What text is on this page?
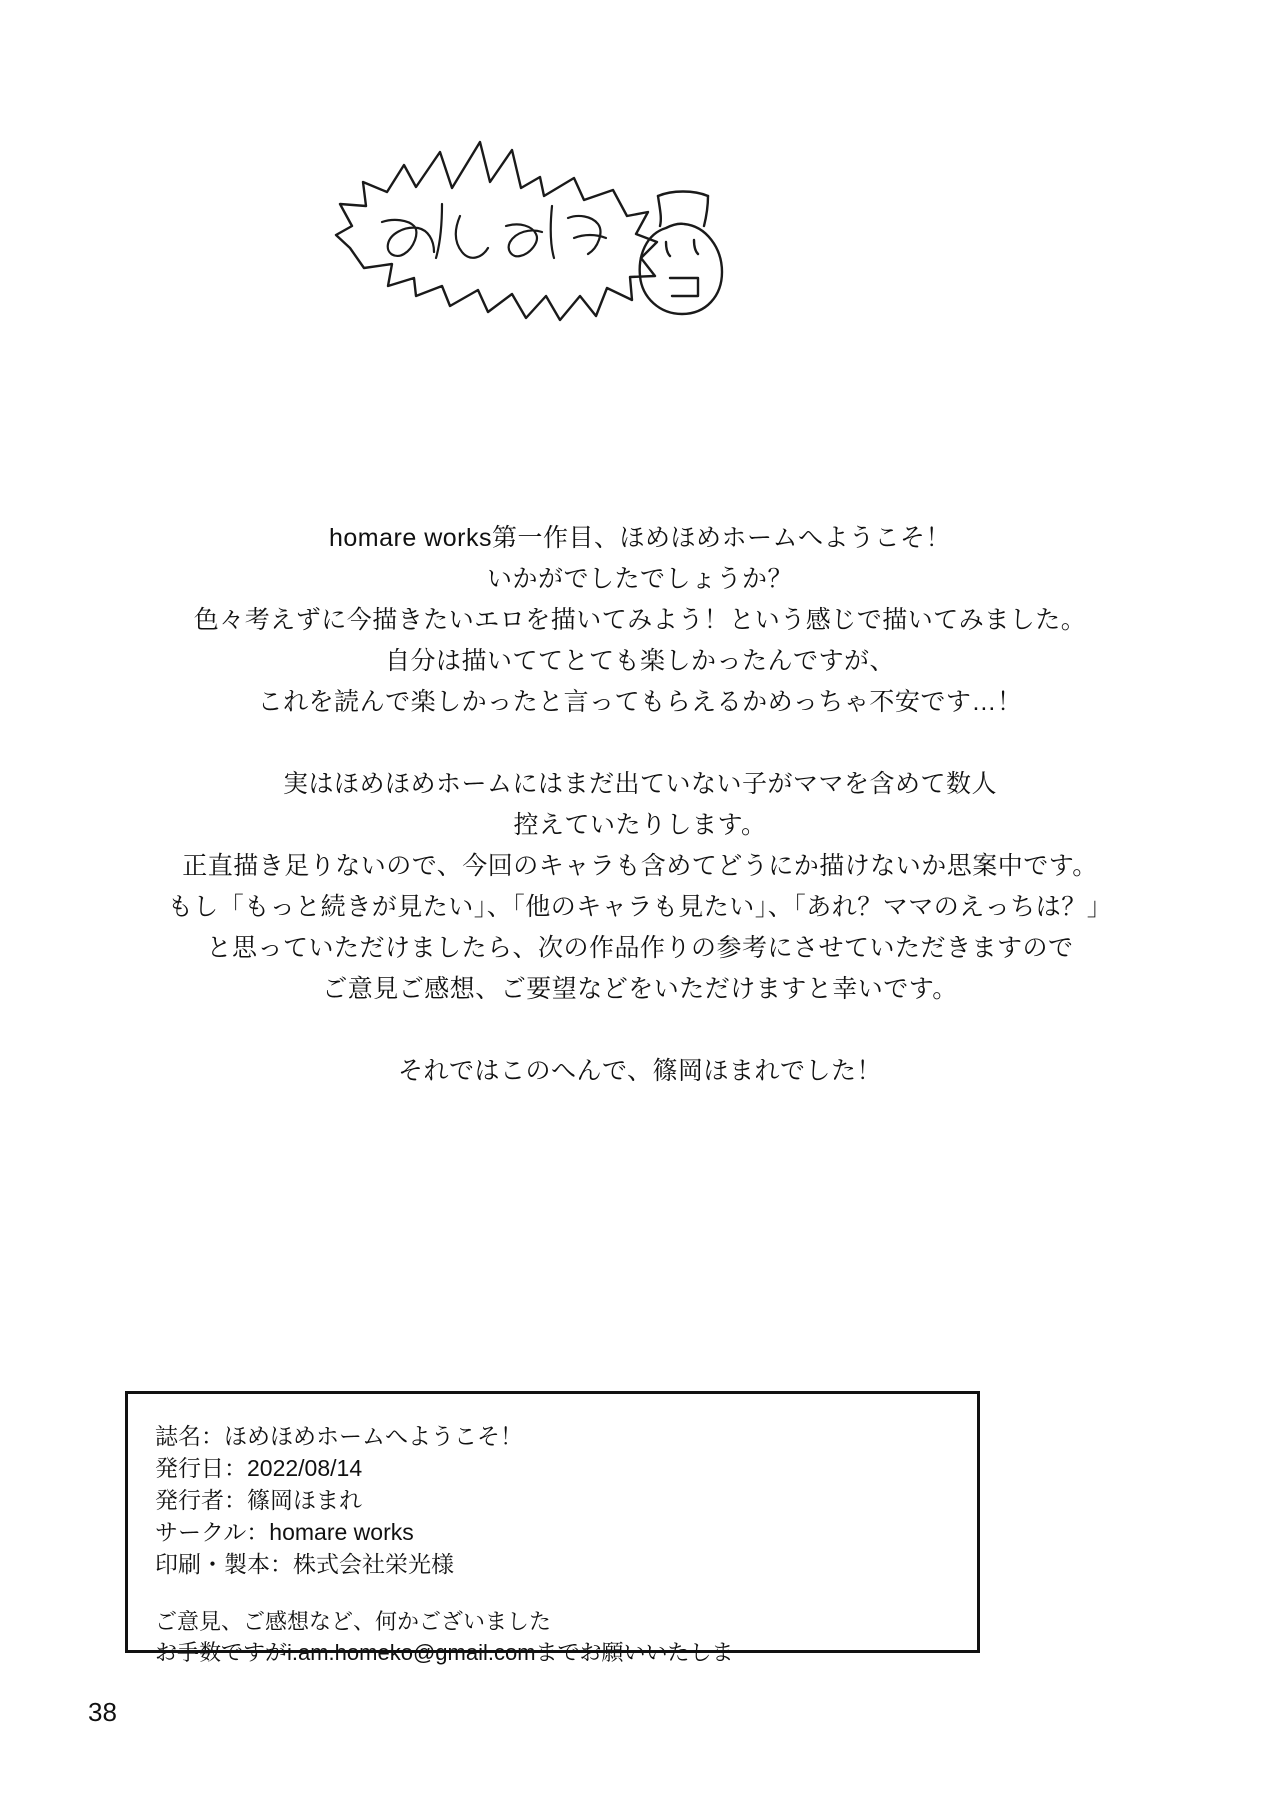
homare works第一作目、ほめほめホームへようこそ！
いかがでしたでしょうか？
色々考えずに今描きたいエロを描いてみよう！という感じで描いてみました。
自分は描いててとても楽しかったんですが、
これを読んで楽しかったと言ってもらえるかめっちゃ不安です…！
実はほめほめホームにはまだ出ていない子がママを含めて数人
控えていたりします。
正直描き足りないので、今回のキャラも含めてどうにか描けないか思案中です。
もし「もっと続きが見たい」、「他のキャラも見たい」、「あれ？ママのえっちは？」
と思っていただけましたら、次の作品作りの参考にさせていただきますので
ご意見ご感想、ご要望などをいただけますと幸いです。
それではこのへんで、篠岡ほまれでした！
誌名：ほめほめホームへようこそ！
発行日：2022/08/14
発行者：篠岡ほまれ
サークル：homare works
印刷・製本：株式会社栄光様
ご意見、ご感想など、何かございました
お手数ですがi.am.homeko@gmail.comまでお願いいたしま
38
